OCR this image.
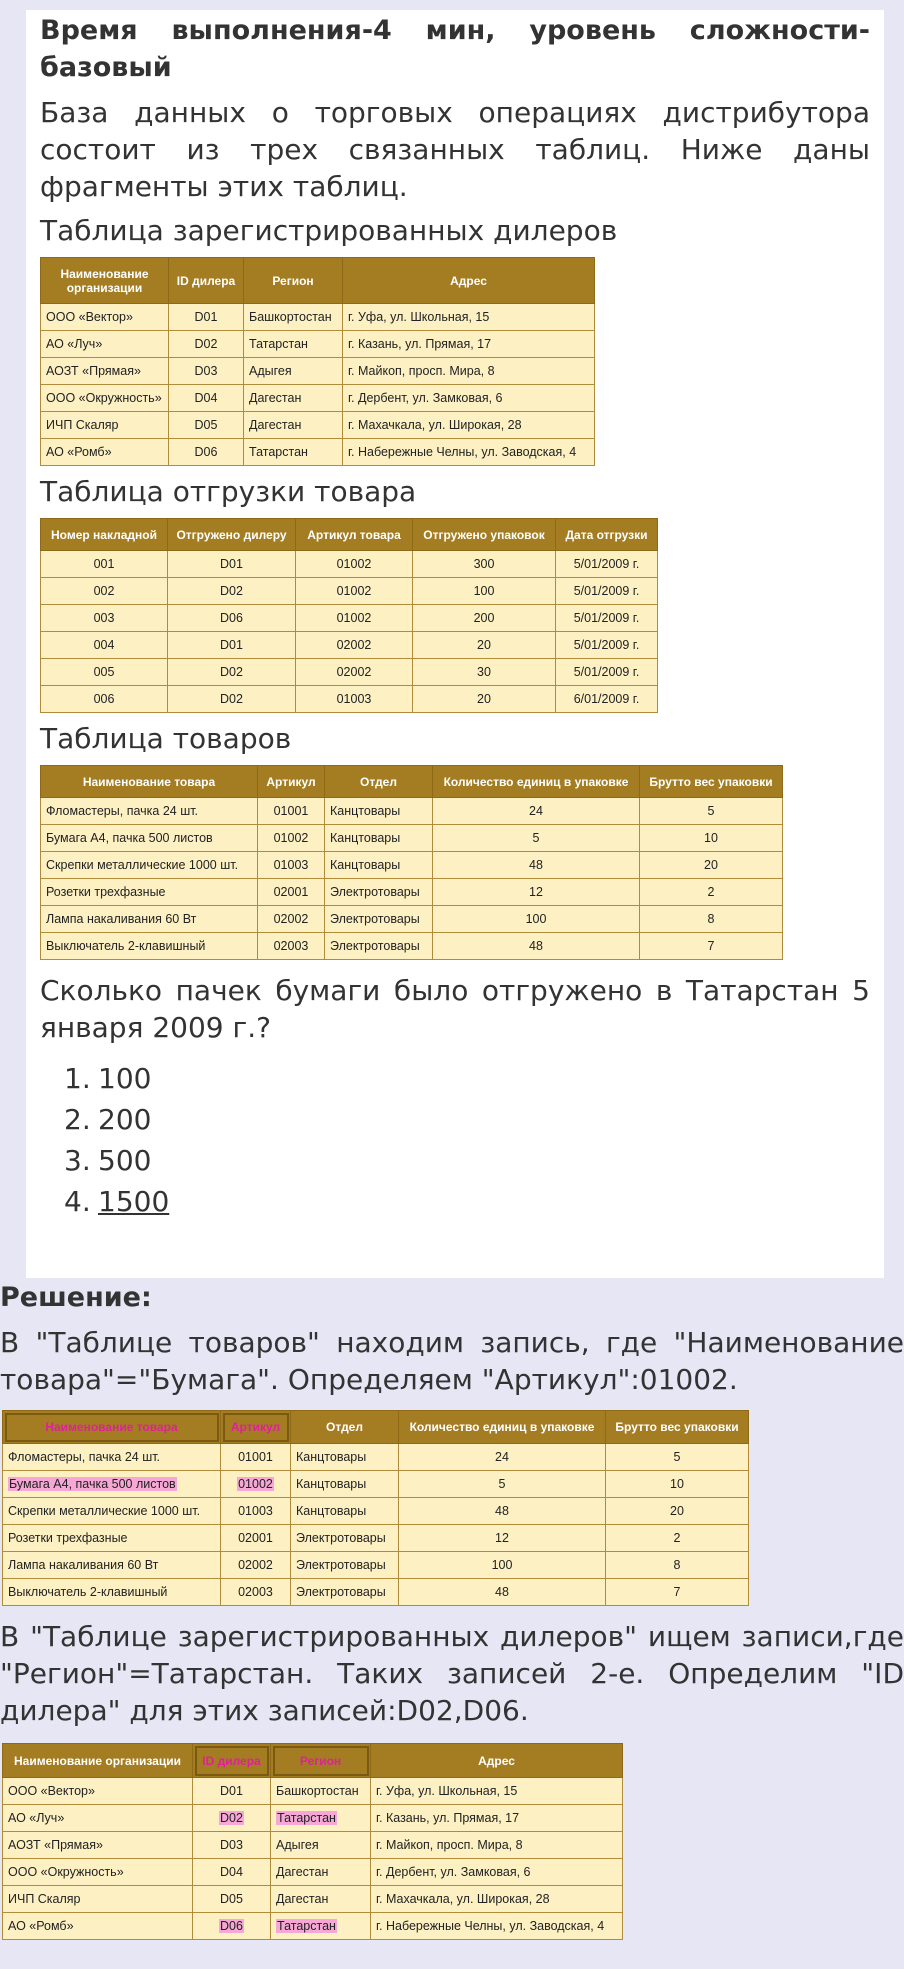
Время выполнения-4 мин, уровень сложности-базовый
База данных о торговых операциях дистрибутора состоит из трех связанных таблиц. Ниже даны фрагменты этих таблиц.
Таблица зарегистрированных дилеров
Наименование организации	ID дилера	Регион	Адрес
ООО «Вектор»	D01	Башкортостан	г. Уфа, ул. Школьная, 15
АО «Луч»	D02	Татарстан	г. Казань, ул. Прямая, 17
АОЗТ «Прямая»	D03	Адыгея	г. Майкоп, просп. Мира, 8
ООО «Окружность»	D04	Дагестан	г. Дербент, ул. Замковая, 6
ИЧП Скаляр	D05	Дагестан	г. Махачкала, ул. Широкая, 28
АО «Ромб»	D06	Татарстан	г. Набережные Челны, ул. Заводская, 4
Таблица отгрузки товара
Номер накладной	Отгружено дилеру	Артикул товара	Отгружено упаковок	Дата отгрузки
001	D01	01002	300	5/01/2009 г.
002	D02	01002	100	5/01/2009 г.
003	D06	01002	200	5/01/2009 г.
004	D01	02002	20	5/01/2009 г.
005	D02	02002	30	5/01/2009 г.
006	D02	01003	20	6/01/2009 г.
Таблица товаров
Наименование товара	Артикул	Отдел	Количество единиц в упаковке	Брутто вес упаковки
Фломастеры, пачка 24 шт.	01001	Канцтовары	24	5
Бумага А4, пачка 500 листов	01002	Канцтовары	5	10
Скрепки металлические 1000 шт.	01003	Канцтовары	48	20
Розетки трехфазные	02001	Электротовары	12	2
Лампа накаливания 60 Вт	02002	Электротовары	100	8
Выключатель 2-клавишный	02003	Электротовары	48	7
Сколько пачек бумаги было отгружено в Татарстан 5 января 2009 г.?
1. 100
2. 200
3. 500
4. 1500
Решение:
В "Таблице товаров" находим запись, где "Наименование товара"="Бумага". Определяем "Артикул":01002.
Наименование товара	Артикул	Отдел	Количество единиц в упаковке	Брутто вес упаковки
Фломастеры, пачка 24 шт.	01001	Канцтовары	24	5
Бумага А4, пачка 500 листов	01002	Канцтовары	5	10
Скрепки металлические 1000 шт.	01003	Канцтовары	48	20
Розетки трехфазные	02001	Электротовары	12	2
Лампа накаливания 60 Вт	02002	Электротовары	100	8
Выключатель 2-клавишный	02003	Электротовары	48	7
В "Таблице зарегистрированных дилеров" ищем записи,где "Регион"=Татарстан. Таких записей 2-е. Определим "ID дилера" для этих записей:D02,D06.
Наименование организации	ID дилера	Регион	Адрес
ООО «Вектор»	D01	Башкортостан	г. Уфа, ул. Школьная, 15
АО «Луч»	D02	Татарстан	г. Казань, ул. Прямая, 17
АОЗТ «Прямая»	D03	Адыгея	г. Майкоп, просп. Мира, 8
ООО «Окружность»	D04	Дагестан	г. Дербент, ул. Замковая, 6
ИЧП Скаляр	D05	Дагестан	г. Махачкала, ул. Широкая, 28
АО «Ромб»	D06	Татарстан	г. Набережные Челны, ул. Заводская, 4
